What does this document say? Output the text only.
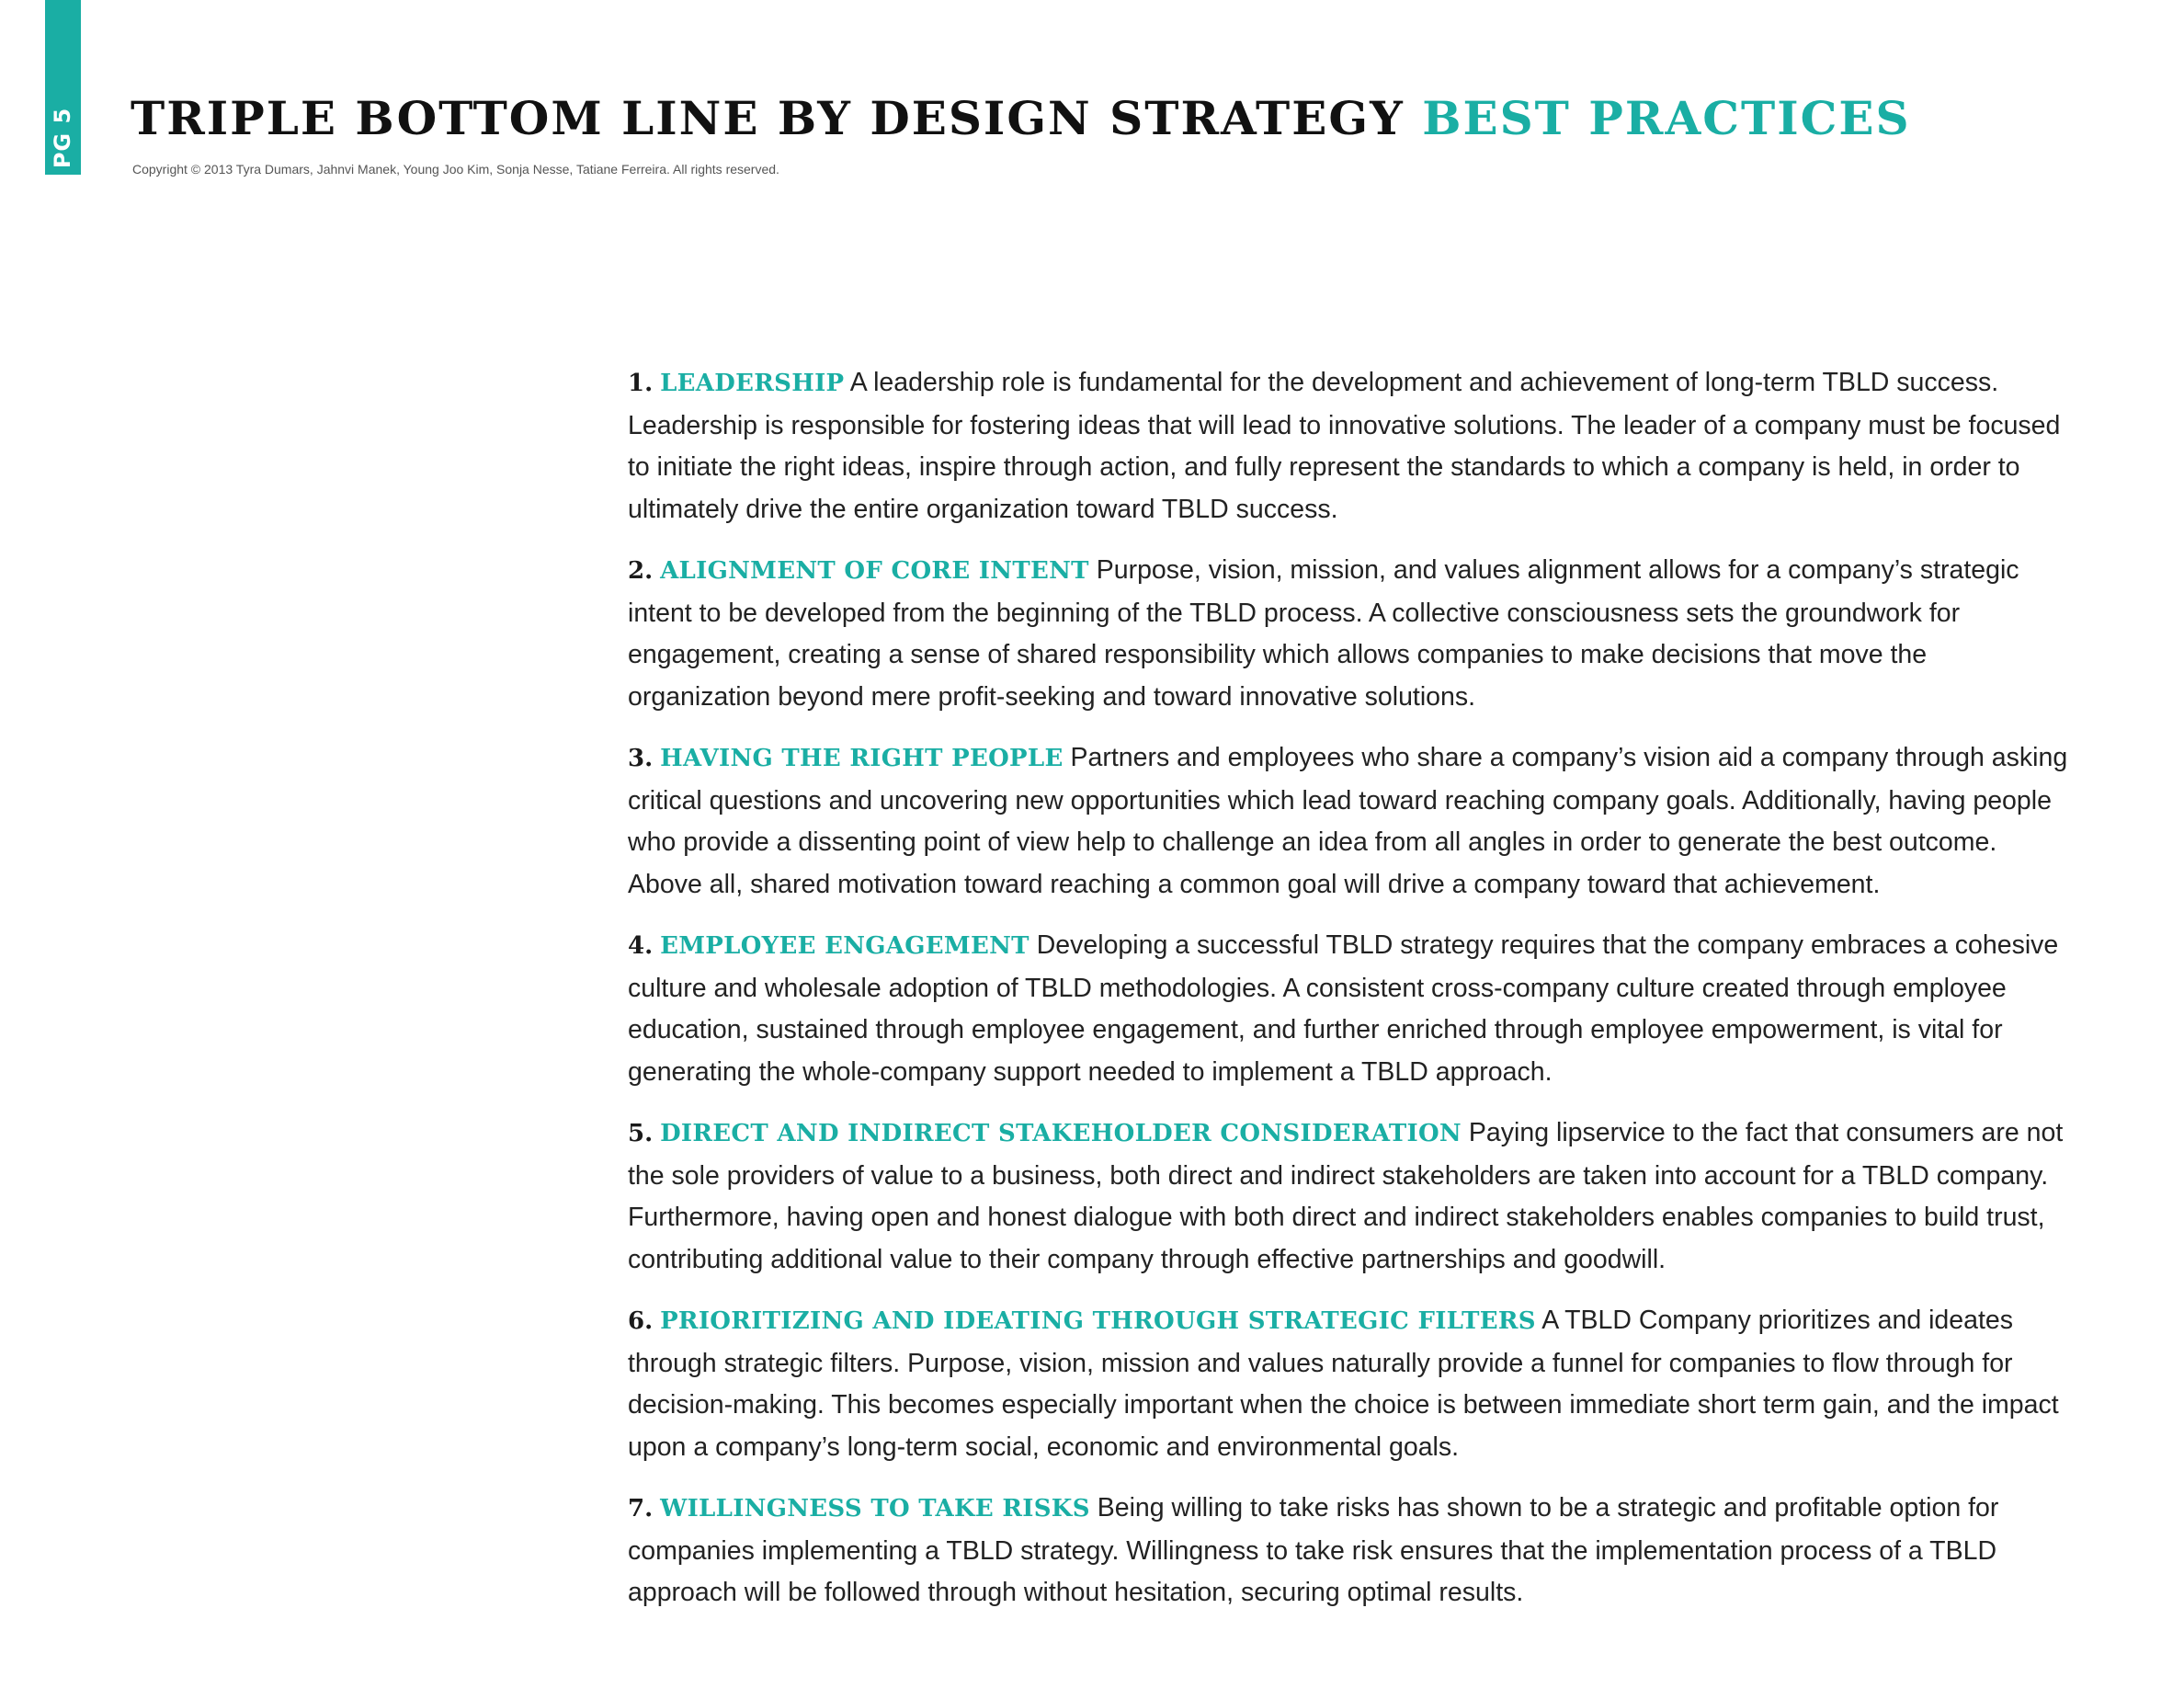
PG 5 TRIPLE BOTTOM LINE BY DESIGN STRATEGY BEST PRACTICES

Copyright © 2013 Tyra Dumars, Jahnvi Manek, Young Joo Kim, Sonja Nesse, Tatiane Ferreira. All rights reserved.

1. LEADERSHIP A leadership role is fundamental for the development and achievement of long-term TBLD success. Leadership is responsible for fostering ideas that will lead to innovative solutions. The leader of a company must be focused to initiate the right ideas, inspire through action, and fully represent the standards to which a company is held, in order to ultimately drive the entire organization toward TBLD success.
2. ALIGNMENT OF CORE INTENT Purpose, vision, mission, and values alignment allows for a company’s strategic intent to be developed from the beginning of the TBLD process. A collective consciousness sets the groundwork for engagement, creating a sense of shared responsibility which allows companies to make decisions that move the organization beyond mere profit-seeking and toward innovative solutions.
3. HAVING THE RIGHT PEOPLE Partners and employees who share a company’s vision aid a company through asking critical questions and uncovering new opportunities which lead toward reaching company goals. Additionally, having people who provide a dissenting point of view help to challenge an idea from all angles in order to generate the best outcome. Above all, shared motivation toward reaching a common goal will drive a company toward that achievement.
4. EMPLOYEE ENGAGEMENT Developing a successful TBLD strategy requires that the company embraces a cohesive culture and wholesale adoption of TBLD methodologies. A consistent cross-company culture created through employee education, sustained through employee engagement, and further enriched through employee empowerment, is vital for generating the whole-company support needed to implement a TBLD approach.
5. DIRECT AND INDIRECT STAKEHOLDER CONSIDERATION Paying lipservice to the fact that consumers are not the sole providers of value to a business, both direct and indirect stakeholders are taken into account for a TBLD company. Furthermore, having open and honest dialogue with both direct and indirect stakeholders enables companies to build trust, contributing additional value to their company through effective partnerships and goodwill.
6. PRIORITIZING AND IDEATING THROUGH STRATEGIC FILTERS A TBLD Company prioritizes and ideates through strategic filters. Purpose, vision, mission and values naturally provide a funnel for companies to flow through for decision-making. This becomes especially important when the choice is between immediate short term gain, and the impact upon a company’s long-term social, economic and environmental goals.
7. WILLINGNESS TO TAKE RISKS Being willing to take risks has shown to be a strategic and profitable option for companies implementing a TBLD strategy. Willingness to take risk ensures that the implementation process of a TBLD approach will be followed through without hesitation, securing optimal results.
